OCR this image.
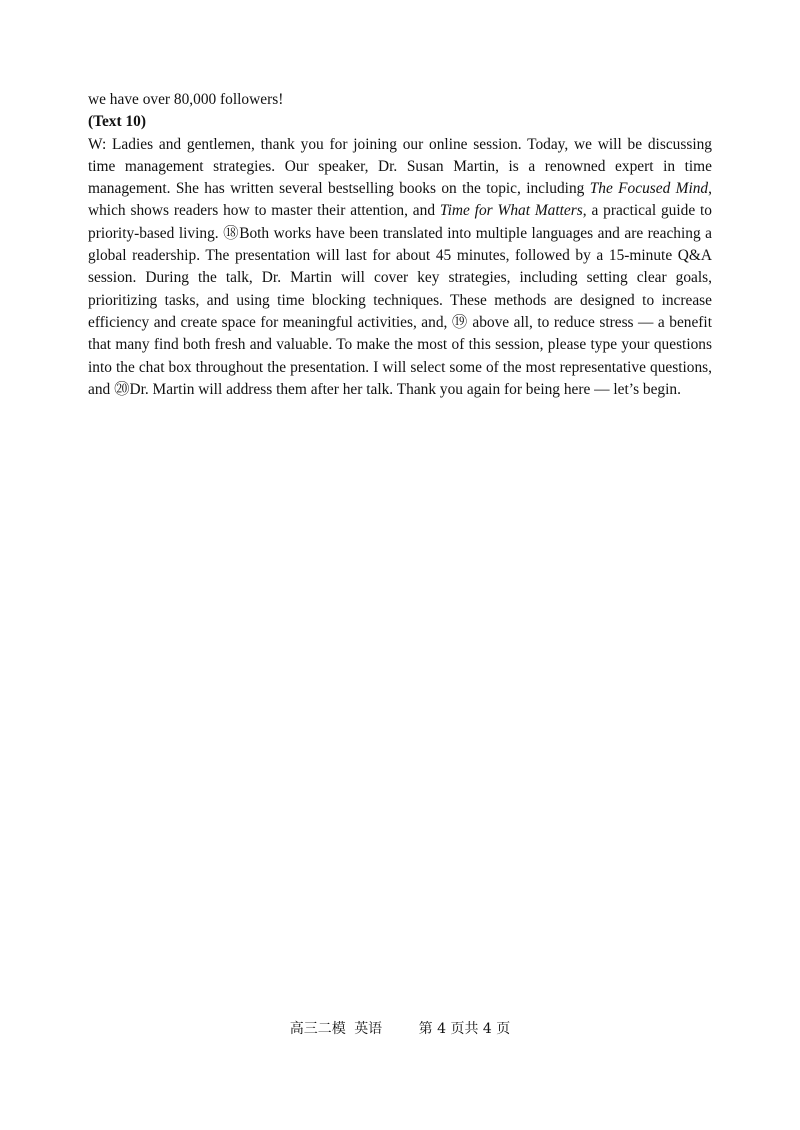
we have over 80,000 followers!

(Text 10)

W: Ladies and gentlemen, thank you for joining our online session. Today, we will be discussing time management strategies. Our speaker, Dr. Susan Martin, is a renowned expert in time management. She has written several bestselling books on the topic, including The Focused Mind, which shows readers how to master their attention, and Time for What Matters, a practical guide to priority-based living. ⑱Both works have been translated into multiple languages and are reaching a global readership. The presentation will last for about 45 minutes, followed by a 15-minute Q&A session. During the talk, Dr. Martin will cover key strategies, including setting clear goals, prioritizing tasks, and using time blocking techniques. These methods are designed to increase efficiency and create space for meaningful activities, and, ⑲ above all, to reduce stress — a benefit that many find both fresh and valuable. To make the most of this session, please type your questions into the chat box throughout the presentation. I will select some of the most representative questions, and ⑳Dr. Martin will address them after her talk. Thank you again for being here — let’s begin.

高三二模 英语	第 4 页共 4 页
